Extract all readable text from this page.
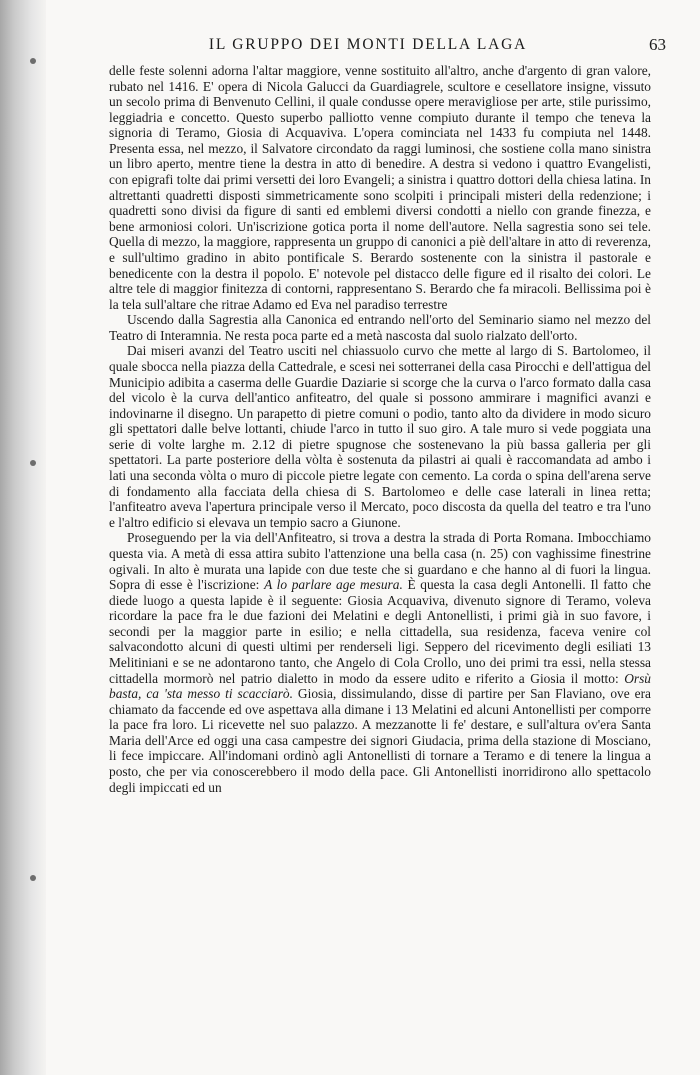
IL GRUPPO DEI MONTI DELLA LAGA	63

delle feste solenni adorna l'altar maggiore, venne sostituito all'altro, anche d'argento di gran valore, rubato nel 1416. E' opera di Nicola Galucci da Guardiagrele, scultore e cesellatore insigne, vissuto un secolo prima di Benvenuto Cellini, il quale condusse opere meravigliose per arte, stile purissimo, leggiadria e concetto. Questo superbo palliotto venne compiuto durante il tempo che teneva la signoria di Teramo, Giosia di Acquaviva. L'opera cominciata nel 1433 fu compiuta nel 1448. Presenta essa, nel mezzo, il Salvatore circondato da raggi luminosi, che sostiene colla mano sinistra un libro aperto, mentre tiene la destra in atto di benedire. A destra si vedono i quattro Evangelisti, con epigrafi tolte dai primi versetti dei loro Evangeli; a sinistra i quattro dottori della chiesa latina. In altrettanti quadretti disposti simmetricamente sono scolpiti i principali misteri della redenzione; i quadretti sono divisi da figure di santi ed emblemi diversi condotti a niello con grande finezza, e bene armoniosi colori. Un'iscrizione gotica porta il nome dell'autore. Nella sagrestia sono sei tele. Quella di mezzo, la maggiore, rappresenta un gruppo di canonici a piè dell'altare in atto di reverenza, e sull'ultimo gradino in abito pontificale S. Berardo sostenente con la sinistra il pastorale e benedicente con la destra il popolo. E' notevole pel distacco delle figure ed il risalto dei colori. Le altre tele di maggior finitezza di contorni, rappresentano S. Berardo che fa miracoli. Bellissima poi è la tela sull'altare che ritrae Adamo ed Eva nel paradiso terrestre

Uscendo dalla Sagrestia alla Canonica ed entrando nell'orto del Seminario siamo nel mezzo del Teatro di Interamnia. Ne resta poca parte ed a metà nascosta dal suolo rialzato dell'orto.

Dai miseri avanzi del Teatro usciti nel chiassuolo curvo che mette al largo di S. Bartolomeo, il quale sbocca nella piazza della Cattedrale, e scesi nei sotterranei della casa Pirocchi e dell'attigua del Municipio adibita a caserma delle Guardie Daziarie si scorge che la curva o l'arco formato dalla casa del vicolo è la curva dell'antico anfiteatro, del quale si possono ammirare i magnifici avanzi e indovinarne il disegno. Un parapetto di pietre comuni o podio, tanto alto da dividere in modo sicuro gli spettatori dalle belve lottanti, chiude l'arco in tutto il suo giro. A tale muro si vede poggiata una serie di volte larghe m. 2.12 di pietre spugnose che sostenevano la più bassa galleria per gli spettatori. La parte posteriore della vòlta è sostenuta da pilastri ai quali è raccomandata ad ambo i lati una seconda vòlta o muro di piccole pietre legate con cemento. La corda o spina dell'arena serve di fondamento alla facciata della chiesa di S. Bartolomeo e delle case laterali in linea retta; l'anfiteatro aveva l'apertura principale verso il Mercato, poco discosta da quella del teatro e tra l'uno e l'altro edificio si elevava un tempio sacro a Giunone.

Proseguendo per la via dell'Anfiteatro, si trova a destra la strada di Porta Romana. Imbocchiamo questa via. A metà di essa attira subito l'attenzione una bella casa (n. 25) con vaghissime finestrine ogivali. In alto è murata una lapide con due teste che si guardano e che hanno al di fuori la lingua. Sopra di esse è l'iscrizione: A lo parlare age mesura. È questa la casa degli Antonelli. Il fatto che diede luogo a questa lapide è il seguente: Giosia Acquaviva, divenuto signore di Teramo, voleva ricordare la pace fra le due fazioni dei Melatini e degli Antonellisti, i primi già in suo favore, i secondi per la maggior parte in esilio; e nella cittadella, sua residenza, faceva venire col salvacondotto alcuni di questi ultimi per renderseli ligi. Seppero del ricevimento degli esiliati 13 Melitiniani e se ne adontarono tanto, che Angelo di Cola Crollo, uno dei primi tra essi, nella stessa cittadella mormorò nel patrio dialetto in modo da essere udito e riferito a Giosia il motto: Orsù basta, ca 'sta messo ti scacciarò. Giosia, dissimulando, disse di partire per San Flaviano, ove era chiamato da faccende ed ove aspettava alla dimane i 13 Melatini ed alcuni Antonellisti per comporre la pace fra loro. Li ricevette nel suo palazzo. A mezzanotte li fe' destare, e sull'altura ov'era Santa Maria dell'Arce ed oggi una casa campestre dei signori Giudacia, prima della stazione di Mosciano, li fece impiccare. All'indomani ordinò agli Antonellisti di tornare a Teramo e di tenere la lingua a posto, che per via conoscerebbero il modo della pace. Gli Antonellisti inorridirono allo spettacolo degli impiccati ed un
